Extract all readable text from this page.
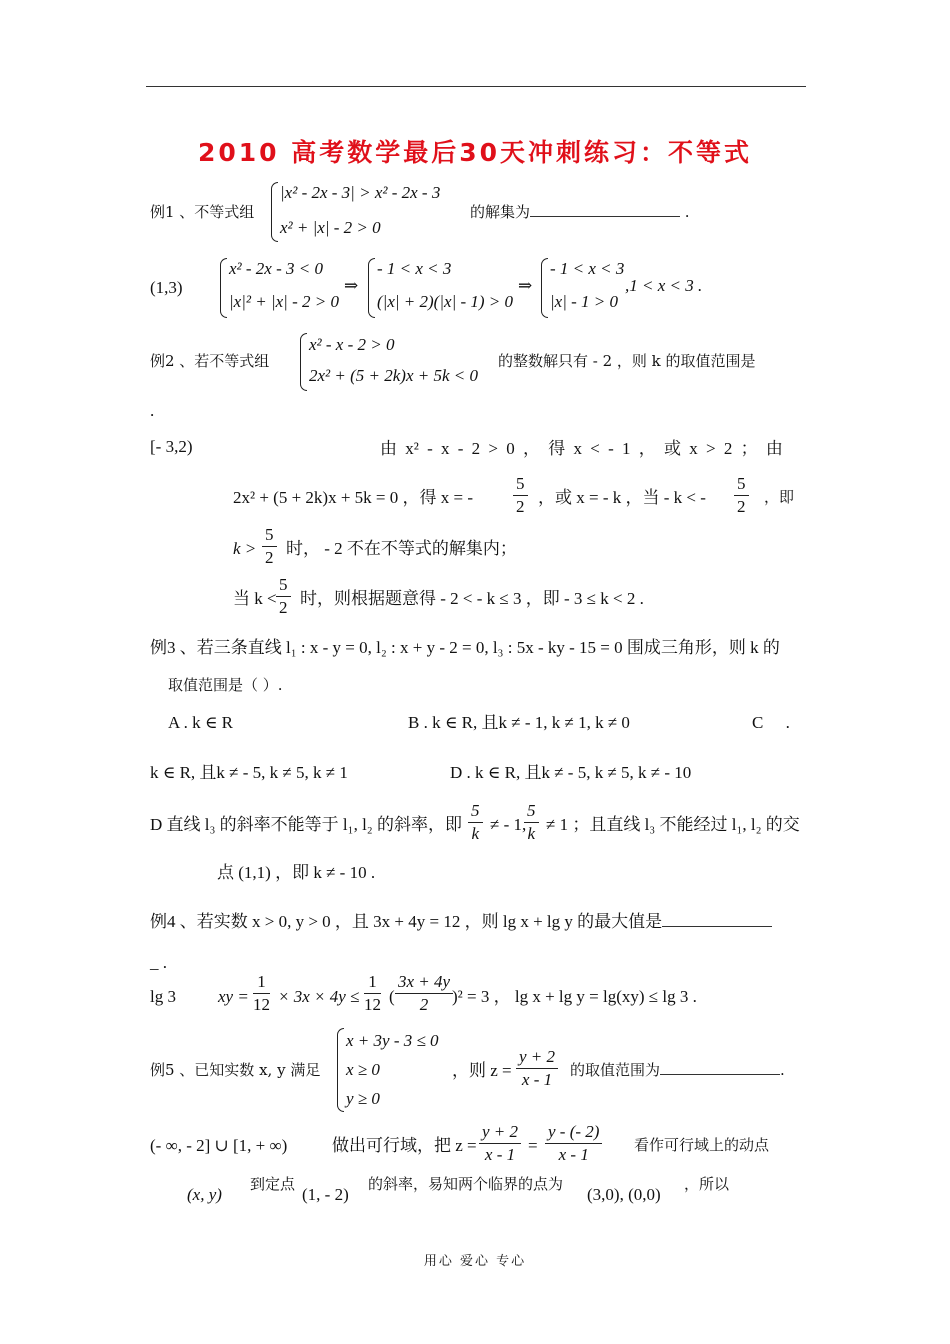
2010 高考数学最后30天冲刺练习：不等式
例1 、不等式组
|x² - 2x - 3| > x² - 2x - 3
x² + |x| - 2 > 0
的解集为	.
(1,3)
x² - 2x - 3 < 0
|x|² + |x| - 2 > 0
⇒
- 1 < x < 3
(|x| + 2)(|x| - 1) > 0
⇒
- 1 < x < 3
|x| - 1 > 0
,1 < x < 3 .
例2 、若不等式组
x² - x - 2 > 0
2x² + (5 + 2k)x + 5k < 0
的整数解只有 - 2 ，则 k 的取值范围是
.
[- 3,2)	由 x² - x - 2 > 0 ， 得 x < - 1 ， 或 x > 2 ； 由
2x² + (5 + 2k)x + 5k = 0 ，得 x = - $\frac{5}{2}$ ，或 x = - k ，当 - k < - $\frac{5}{2}$ ，即
$k > \frac{5}{2}$ 时， - 2 不在不等式的解集内；
当 $k < \frac{5}{2}$ 时，则根据题意得 - 2 < - k ≤ 3 ，即 - 3 ≤ k < 2 .
例3 、若三条直线 l₁ : x - y = 0, l₂ : x + y - 2 = 0, l₃ : 5x - ky - 15 = 0 围成三角形，则 k 的
取值范围是（ ）.
A . k ∈ R	B . k ∈ R, 且k ≠ - 1, k ≠ 1, k ≠ 0	C .
k ∈ R, 且k ≠ - 5, k ≠ 5, k ≠ 1	D . k ∈ R, 且k ≠ - 5, k ≠ 5, k ≠ - 10
D 直线 l₃ 的斜率不能等于 l₁, l₂ 的斜率，即 $\frac{5}{k}$ ≠ - 1,
$\frac{5}{k} \ne 1$ ；且直线 l₃ 不能经过 l₁, l₂ 的交
点 (1,1) ，即 k ≠ - 10 .
例4 、若实数 x > 0, y > 0 ，且 3x + 4y = 12 ，则 lg x + lg y 的最大值是
_ .
lg 3 xy = $\frac{1}{12} \times 3x \times 4y \le \frac{1}{12}$ ( $\frac{3x + 4y}{2}$
)² = 3 ， lg x + lg y = lg(xy) ≤ lg 3 .
例5 、已知实数 x, y 满足
x + 3y - 3 ≤ 0
x ≥ 0
y ≥ 0
，则 $z = \frac{y + 2}{x - 1}$ 的取值范围为	.
(- ∞, - 2] ∪ [1, + ∞)	做出可行域，把 $z = \frac{y + 2}{x - 1} = \frac{y - (- 2)}{x - 1}$ 看作可行域上的动点
(x, y)
到定点
(1, - 2)
的斜率，易知两个临界的点为
(3,0), (0,0)
，所以
用心 爱心 专心
